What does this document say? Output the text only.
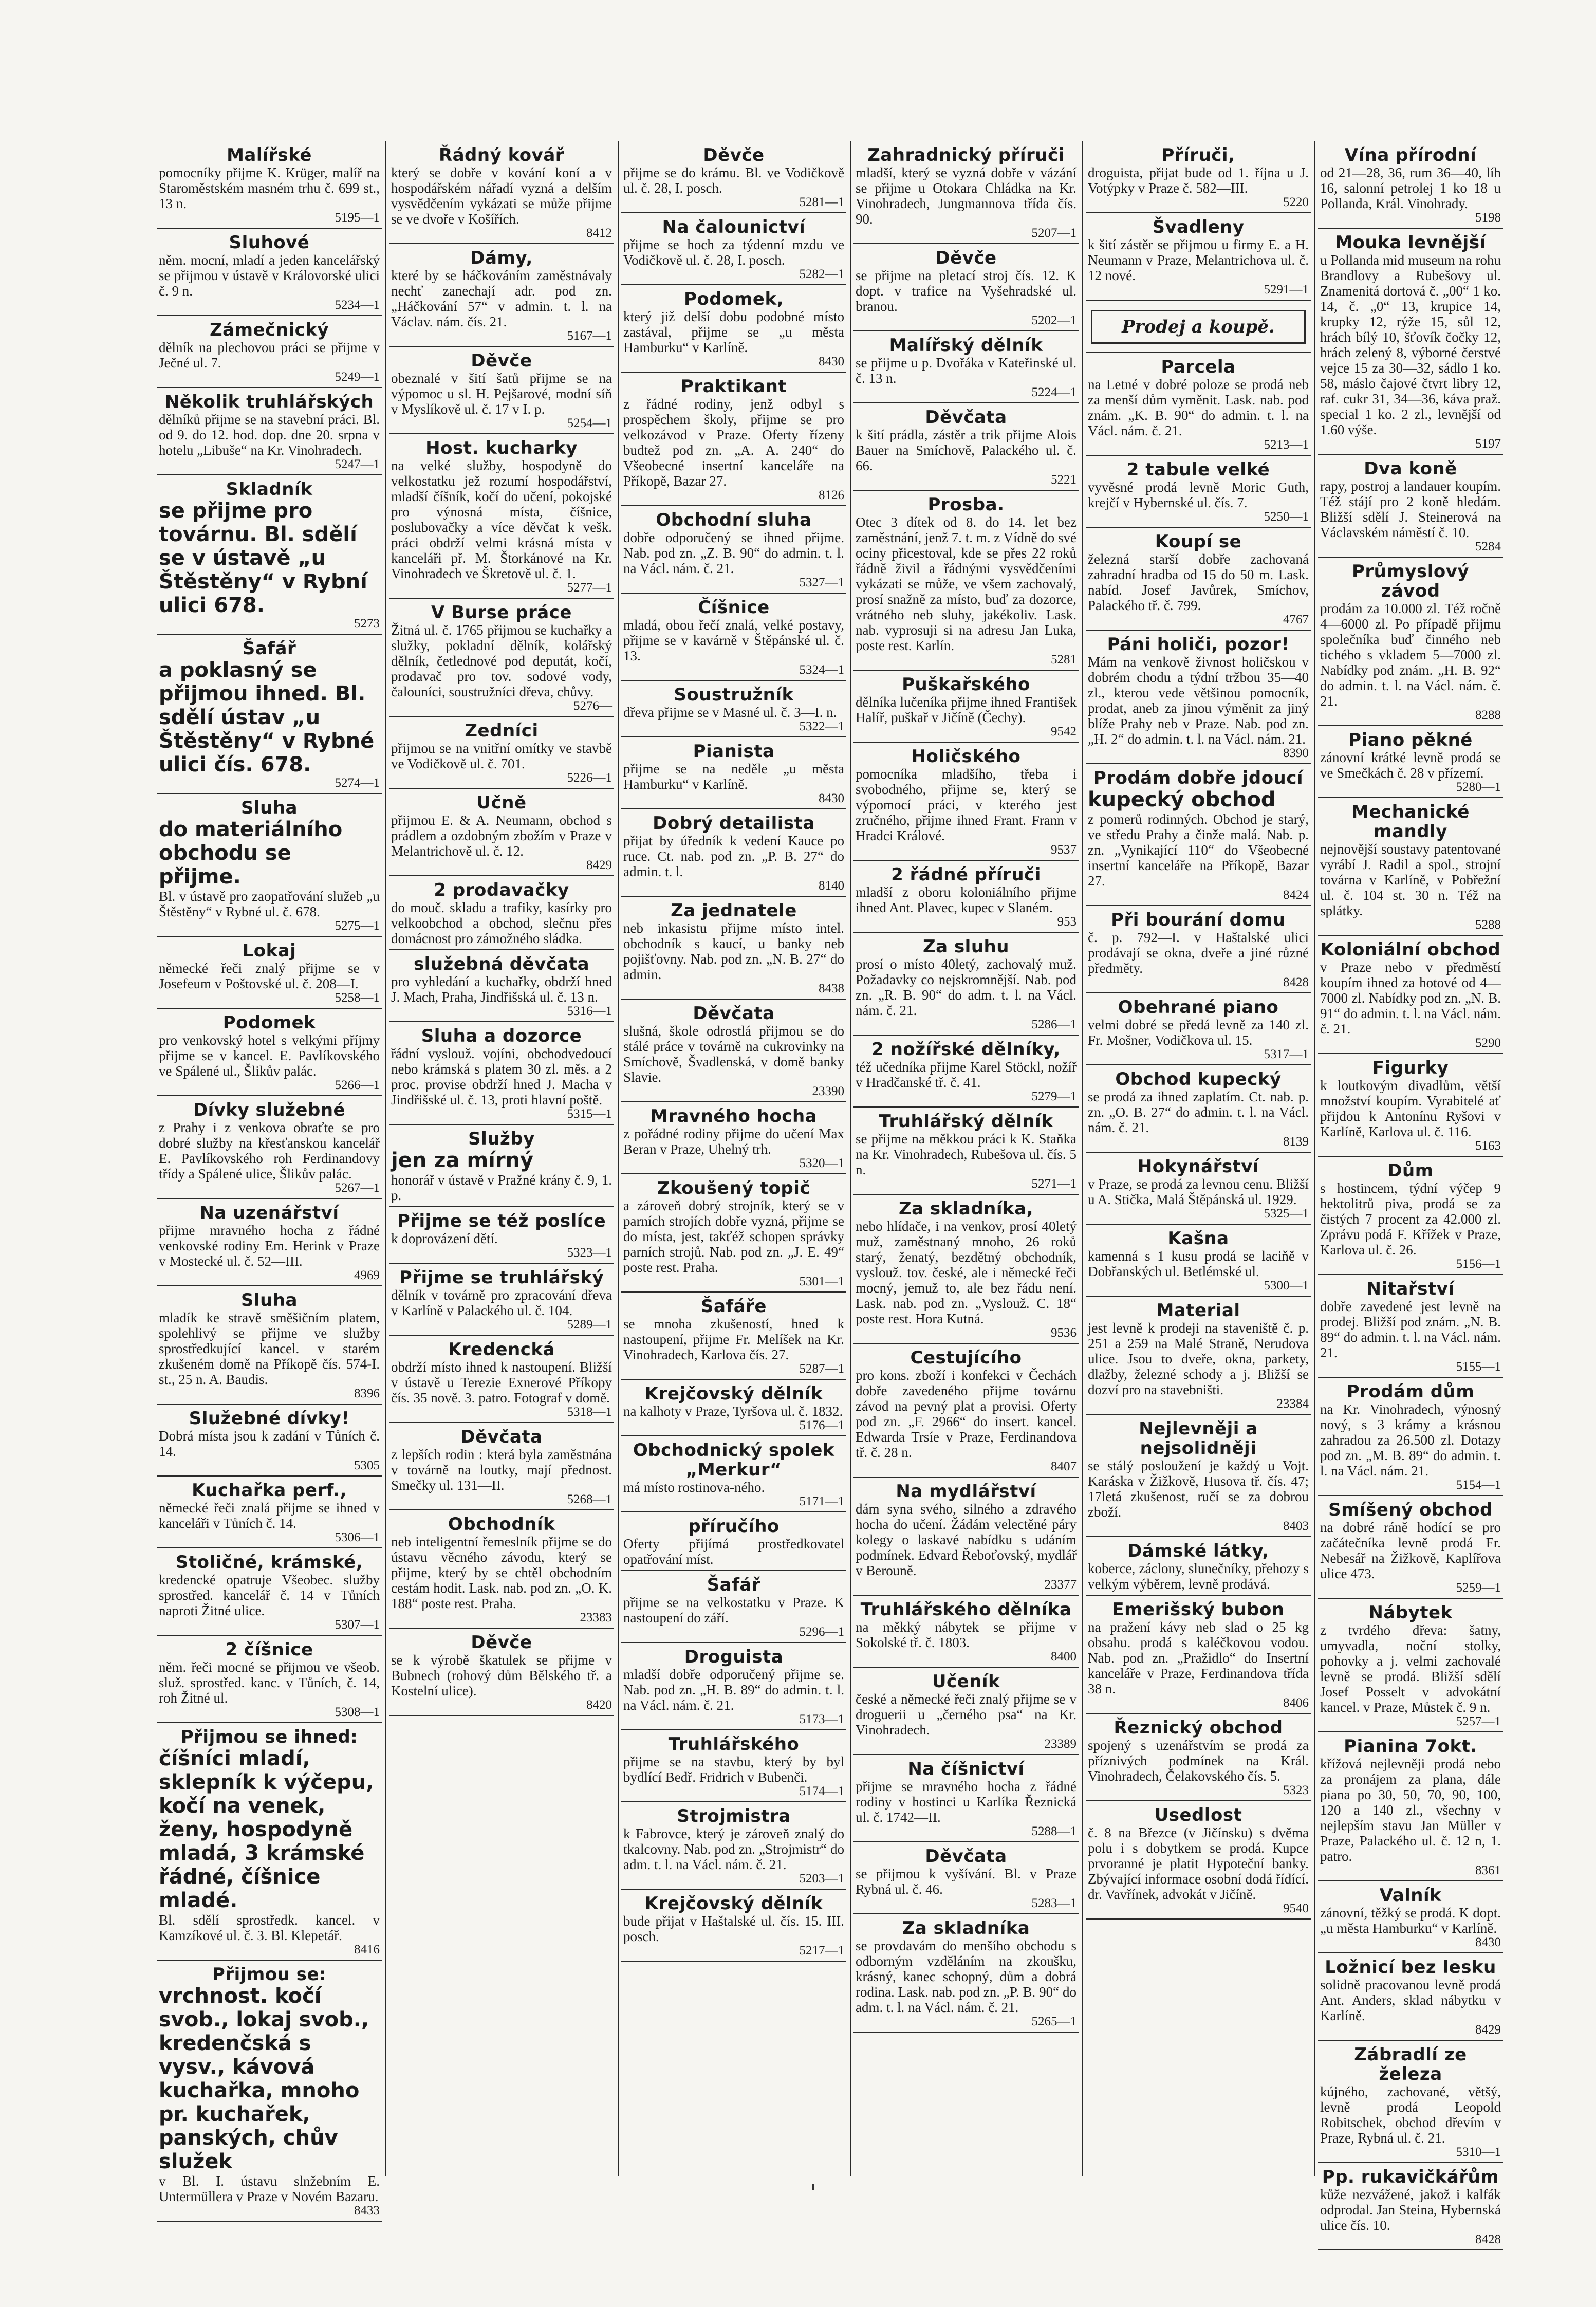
Malířské
pomocníky přijme K. Krüger, malíř na Staroměstském masném trhu č. 699 st., 13 n.
5195—1
Sluhové
něm. mocní, mladí a jeden kancelářský se přijmou v ústavě v Královorské ulici č. 9 n.
5234—1
Zámečnický
dělník na plechovou práci se přijme v Ječné ul. 7.
5249—1
Několik truhlářských
dělníků přijme se na stavební práci. Bl. od 9. do 12. hod. dop. dne 20. srpna v hotelu „Libuše“ na Kr. Vinohradech.
5247—1
Skladník
se přijme pro továrnu. Bl. sdělí se v ústavě „u Štěstěny“ v Rybní ulici 678.
5273
Šafář
a poklasný se přijmou ihned. Bl. sdělí ústav „u Štěstěny“ v Rybné ulici čís. 678.
5274—1
Sluha
do materiálního obchodu se přijme.
Bl. v ústavě pro zaopatřování služeb „u Štěstěny“ v Rybné ul. č. 678.
5275—1
Lokaj
německé řeči znalý přijme se v Josefeum v Poštovské ul. č. 208—I.
5258—1
Podomek
pro venkovský hotel s velkými příjmy přijme se v kancel. E. Pavlíkovského ve Spálené ul., Šlikův palác.
5266—1
Dívky služebné
z Prahy i z venkova obraťte se pro dobré služby na křesťanskou kancelář E. Pavlíkovského roh Ferdinandovy třídy a Spálené ulice, Šlikův palác.
5267—1
Na uzenářství
přijme mravného hocha z řádné venkovské rodiny Em. Herink v Praze v Mostecké ul. č. 52—III.
4969
Sluha
mladík ke stravě směšičním platem, spolehlivý se přijme ve služby sprostředkující kancel. v starém zkušeném domě na Příkopě čís. 574-I. st., 25 n. A. Baudis.
8396
Služebné dívky!
Dobrá místa jsou k zadání v Tůních č. 14.
5305
Kuchařka perf.,
německé řeči znalá přijme se ihned v kanceláři v Tůních č. 14.
5306—1
Stoličné, krámské,
kredencké opatruje Všeobec. služby sprostřed. kancelář č. 14 v Tůních naproti Žitné ulice.
5307—1
2 číšnice
něm. řeči mocné se přijmou ve všeob. služ. sprostřed. kanc. v Tůních, č. 14, roh Žitné ul.
5308—1
Přijmou se ihned:
číšníci mladí, sklepník k výčepu, kočí na venek, ženy, hospodyně mladá, 3 krámské řádné, číšnice mladé.
Bl. sdělí sprostředk. kancel. v Kamzíkové ul. č. 3. Bl. Klepetář.
8416
Přijmou se:
vrchnost. kočí svob., lokaj svob., kredenčská s vysv., kávová kuchařka, mnoho pr. kuchařek, panských, chův služek
v Bl. I. ústavu slnžebním E. Untermüllera v Praze v Novém Bazaru.
8433
Řádný kovář
který se dobře v kování koní a v hospodářském nářadí vyzná a delším vysvědčením vykázati se může přijme se ve dvoře v Košířích.
8412
Dámy,
které by se háčkováním zaměstnávaly nechť zanechají adr. pod zn. „Háčkování 57“ v admin. t. l. na Václav. nám. čís. 21.
5167—1
Děvče
obeznalé v šití šatů přijme se na výpomoc u sl. H. Pejšarové, modní síň v Myslíkově ul. č. 17 v I. p.
5254—1
Host. kucharky
na velké služby, hospodyně do velkostatku jež rozumí hospodářství, mladší číšník, kočí do učení, pokojské pro výnosná místa, číšnice, poslubovačky a více děvčat k vešk. práci obdrží velmi krásná místa v kanceláři př. M. Štorkánové na Kr. Vinohradech ve Škretově ul. č. 1.
5277—1
V Burse práce
Žitná ul. č. 1765 přijmou se kuchařky a služky, pokladní dělník, kolářský dělník, četlednové pod deputát, kočí, prodavač pro tov. sodové vody, čalouníci, soustružníci dřeva, chůvy.
5276—
Zedníci
přijmou se na vnitřní omítky ve stavbě ve Vodičkově ul. č. 701.
5226—1
Učně
přijmou E. & A. Neumann, obchod s prádlem a ozdobným zbožím v Praze v Melantrichově ul. č. 12.
8429
2 prodavačky
do mouč. skladu a trafiky, kasírky pro velkoobchod a obchod, slečnu přes domácnost pro zámožného sládka.
služebná děvčata
pro vyhledání a kuchařky, obdrží hned J. Mach, Praha, Jindřišská ul. č. 13 n.
5316—1
Sluha a dozorce
řádní vyslouž. vojíni, obchodvedoucí nebo krámská s platem 30 zl. měs. a 2 proc. provise obdrží hned J. Macha v Jindřišské ul. č. 13, proti hlavní poště.
5315—1
Služby
jen za mírný
honorář v ústavě v Pražné krány č. 9, 1. p.
Přijme se též poslíce
k doprovázení dětí.
5323—1
Přijme se truhlářský
dělník v továrně pro zpracování dřeva v Karlíně v Palackého ul. č. 104.
5289—1
Kredencká
obdrží místo ihned k nastoupení. Bližší v ústavě u Terezie Exnerové Příkopy čís. 35 nově. 3. patro. Fotograf v domě.
5318—1
Děvčata
z lepších rodin : která byla zaměstnána v továrně na loutky, mají přednost. Smečky ul. 131—II.
5268—1
Obchodník
neb inteligentní řemeslník přijme se do ústavu věcného závodu, který se přijme, který by se chtěl obchodním cestám hodit. Lask. nab. pod zn. „O. K. 188“ poste rest. Praha.
23383
Děvče
se k výrobě škatulek se přijme v Bubnech (rohový dům Bělského tř. a Kostelní ulice).
8420
Děvče
přijme se do krámu. Bl. ve Vodičkově ul. č. 28, I. posch.
5281—1
Na čalounictví
přijme se hoch za týdenní mzdu ve Vodičkově ul. č. 28, I. posch.
5282—1
Podomek,
který již delší dobu podobné místo zastával, přijme se „u města Hamburku“ v Karlíně.
8430
Praktikant
z řádné rodiny, jenž odbyl s prospěchem školy, přijme se pro velkozávod v Praze. Oferty řízeny budtež pod zn. „A. A. 240“ do Všeobecné insertní kanceláře na Příkopě, Bazar 27.
8126
Obchodní sluha
dobře odporučený se ihned přijme. Nab. pod zn. „Z. B. 90“ do admin. t. l. na Václ. nám. č. 21.
5327—1
Číšnice
mladá, obou řečí znalá, velké postavy, přijme se v kavárně v Štěpánské ul. č. 13.
5324—1
Soustružník
dřeva přijme se v Masné ul. č. 3—I. n.
5322—1
Pianista
přijme se na neděle „u města Hamburku“ v Karlíně.
8430
Dobrý detailista
přijat by úředník k vedení Kauce po ruce. Ct. nab. pod zn. „P. B. 27“ do admin. t. l.
8140
Za jednatele
neb inkasistu přijme místo intel. obchodník s kaucí, u banky neb pojišťovny. Nab. pod zn. „N. B. 27“ do admin.
8438
Děvčata
slušná, škole odrostlá přijmou se do stálé práce v továrně na cukrovinky na Smíchově, Švadlenská, v domě banky Slavie.
23390
Mravného hocha
z pořádné rodiny přijme do učení Max Beran v Praze, Uhelný trh.
5320—1
Zkoušený topič
a zároveň dobrý strojník, který se v parních strojích dobře vyzná, přijme se do místa, jest, takťéž schopen správky parních strojů. Nab. pod zn. „J. E. 49“ poste rest. Praha.
5301—1
Šafáře
se mnoha zkušeností, hned k nastoupení, přijme Fr. Melíšek na Kr. Vinohradech, Karlova čís. 27.
5287—1
Krejčovský dělník
na kalhoty v Praze, Tyršova ul. č. 1832.
5176—1
Obchodnický spolek „Merkur“
má místo rostinova-ného.
5171—1
příručího
Oferty přijímá prostředkovatel opatřování míst.
Šafář
přijme se na velkostatku v Praze. K nastoupení do září.
5296—1
Droguista
mladší dobře odporučený přijme se. Nab. pod zn. „H. B. 89“ do admin. t. l. na Václ. nám. č. 21.
5173—1
Truhlářského
přijme se na stavbu, který by byl bydlící Bedř. Fridrich v Bubenči.
5174—1
Strojmistra
k Fabrovce, který je zároveň znalý do tkalcovny. Nab. pod zn. „Strojmistr“ do adm. t. l. na Václ. nám. č. 21.
5203—1
Krejčovský dělník
bude přijat v Haštalské ul. čís. 15. III. posch.
5217—1
Zahradnický příruči
mladší, který se vyzná dobře v vázání se přijme u Otokara Chládka na Kr. Vinohradech, Jungmannova třída čís. 90.
5207—1
Děvče
se přijme na pletací stroj čís. 12. K dopt. v trafice na Vyšehradské ul. branou.
5202—1
Malířský dělník
se přijme u p. Dvořáka v Kateřinské ul. č. 13 n.
5224—1
Děvčata
k šití prádla, zástěr a trik přijme Alois Bauer na Smíchově, Palackého ul. č. 66.
5221
Prosba.
Otec 3 dítek od 8. do 14. let bez zaměstnání, jenž 7. t. m. z Vídně do své ociny přicestoval, kde se přes 22 roků řádně živil a řádnými vysvědčeními vykázati se může, ve všem zachovalý, prosí snažně za místo, buď za dozorce, vrátného neb sluhy, jakékoliv. Lask. nab. vyprosuji si na adresu Jan Luka, poste rest. Karlín.
5281
Puškařského
dělníka lučeníka přijme ihned František Halíř, puškař v Jičíně (Čechy).
9542
Holičského
pomocníka mladšího, třeba i svobodného, přijme se, který se výpomocí práci, v kterého jest zručného, přijme ihned Frant. Frann v Hradci Králové.
9537
2 řádné příruči
mladší z oboru koloniálního přijme ihned Ant. Plavec, kupec v Slaném.
953
Za sluhu
prosí o místo 40letý, zachovalý muž. Požadavky co nejskromnější. Nab. pod zn. „R. B. 90“ do adm. t. l. na Václ. nám. č. 21.
5286—1
2 nožířské dělníky,
též učedníka přijme Karel Stöckl, nožíř v Hradčanské tř. č. 41.
5279—1
Truhlářský dělník
se přijme na měkkou práci k K. Staňka na Kr. Vinohradech, Rubešova ul. čís. 5 n.
5271—1
Za skladníka,
nebo hlídače, i na venkov, prosí 40letý muž, zaměstnaný mnoho, 26 roků starý, ženatý, bezdětný obchodník, vyslouž. tov. české, ale i německé řeči mocný, jemuž to, ale bez řádu není. Lask. nab. pod zn. „Vyslouž. C. 18“ poste rest. Hora Kutná.
9536
Cestujícího
pro kons. zboží i konfekci v Čechách dobře zavedeného přijme továrnu závod na pevný plat a provisi. Oferty pod zn. „F. 2966“ do insert. kancel. Edwarda Trsíe v Praze, Ferdinandova tř. č. 28 n.
8407
Na mydlářství
dám syna svého, silného a zdravého hocha do učení. Žádám velectěné páry kolegy o laskavé nabídku s udáním podmínek. Edvard Řeboťovský, mydlář v Berouně.
23377
Truhlářského dělníka
na měkký nábytek se přijme v Sokolské tř. č. 1803.
8400
Učeník
české a německé řeči znalý přijme se v droguerii u „černého psa“ na Kr. Vinohradech.
23389
Na číšnictví
přijme se mravného hocha z řádné rodiny v hostinci u Karlíka Řeznická ul. č. 1742—II.
5288—1
Děvčata
se přijmou k vyšívání. Bl. v Praze Rybná ul. č. 46.
5283—1
Za skladníka
se provdavám do menšího obchodu s odborným vzděláním na zkoušku, krásný, kanec schopný, dům a dobrá rodina. Lask. nab. pod zn. „P. B. 90“ do adm. t. l. na Václ. nám. č. 21.
5265—1
Příruči,
droguista, přijat bude od 1. října u J. Votýpky v Praze č. 582—III.
5220
Švadleny
k šití zástěr se přijmou u firmy E. a H. Neumann v Praze, Melantrichova ul. č. 12 nové.
5291—1
Prodej a koupě.
Parcela
na Letné v dobré poloze se prodá neb za menší dům vyměnit. Lask. nab. pod znám. „K. B. 90“ do admin. t. l. na Václ. nám. č. 21.
5213—1
2 tabule velké
vyvěsné prodá levně Moric Guth, krejčí v Hybernské ul. čís. 7.
5250—1
Koupí se
železná starší dobře zachovaná zahradní hradba od 15 do 50 m. Lask. nabíd. Josef Javůrek, Smíchov, Palackého tř. č. 799.
4767
Páni holiči, pozor!
Mám na venkově živnost holičskou v dobrém chodu a týdní tržbou 35—40 zl., kterou vede většinou pomocník, prodat, aneb za jinou výměnit za jiný blíže Prahy neb v Praze. Nab. pod zn. „H. 2“ do admin. t. l. na Václ. nám. 21.
8390
Prodám dobře jdoucí
kupecký obchod
z pomerů rodinných. Obchod je starý, ve středu Prahy a činže malá. Nab. p. zn. „Vynikající 110“ do Všeobecné insertní kanceláře na Příkopě, Bazar 27.
8424
Při bourání domu
č. p. 792—I. v Haštalské ulici prodávají se okna, dveře a jiné různé předměty.
8428
Obehrané piano
velmi dobré se předá levně za 140 zl. Fr. Mošner, Vodičkova ul. 15.
5317—1
Obchod kupecký
se prodá za ihned zaplatím. Ct. nab. p. zn. „O. B. 27“ do admin. t. l. na Václ. nám. č. 21.
8139
Hokynářství
v Praze, se prodá za levnou cenu. Bližší u A. Stička, Malá Štěpánská ul. 1929.
5325—1
Kašna
kamenná s 1 kusu prodá se laciňě v Dobřanských ul. Betlémské ul.
5300—1
Material
jest levně k prodeji na staveniště č. p. 251 a 259 na Malé Straně, Nerudova ulice. Jsou to dveře, okna, parkety, dlažby, železné schody a j. Bližší se dozví pro na stavebništi.
23384
Nejlevněji a nejsolidněji
se stálý posloužení je každý u Vojt. Karáska v Žižkově, Husova tř. čís. 47; 17letá zkušenost, ručí se za dobrou zboží.
8403
Dámské látky,
koberce, záclony, slunečníky, přehozy s velkým výběrem, levně prodává.
Emerišský bubon
na pražení kávy neb slad o 25 kg obsahu. prodá s kaléčkovou vodou. Nab. pod zn. „Pražidlo“ do Insertní kanceláře v Praze, Ferdinandova třída 38 n.
8406
Řeznický obchod
spojený s uzenářstvím se prodá za příznivých podmínek na Král. Vinohradech, Čelakovského čís. 5.
5323
Usedlost
č. 8 na Březce (v Jičínsku) s dvěma polu i s dobytkem se prodá. Kupce prvoranné je platit Hypoteční banky. Zbývající informace osobní dodá řídící. dr. Vavřínek, advokát v Jičíně.
9540
Vína přírodní
od 21—28, 36, rum 36—40, líh 16, salonní petrolej 1 ko 18 u Pollanda, Král. Vinohrady.
5198
Mouka levnější
u Pollanda mid museum na rohu Brandlovy a Rubešovy ul. Znamenitá dortová č. „00“ 1 ko. 14, č. „0“ 13, krupice 14, krupky 12, rýže 15, sůl 12, hrách bílý 10, šťovík čočky 12, hrách zelený 8, výborné čerstvé vejce 15 za 30—32, sádlo 1 ko. 58, máslo čajové čtvrt libry 12, raf. cukr 31, 34—36, káva praž. special 1 ko. 2 zl., levnější od 1.60 výše.
5197
Dva koně
rapy, postroj a landauer koupím. Též stájí pro 2 koně hledám. Bližší sdělí J. Steinerová na Václavském náměstí č. 10.
5284
Průmyslový závod
prodám za 10.000 zl. Též ročně 4—6000 zl. Po případě přijmu společníka buď činného neb tichého s vkladem 5—7000 zl. Nabídky pod znám. „H. B. 92“ do admin. t. l. na Václ. nám. č. 21.
8288
Piano pěkné
zánovní krátké levně prodá se ve Smečkách č. 28 v přízemí.
5280—1
Mechanické mandly
nejnovější soustavy patentované vyrábí J. Radil a spol., strojní továrna v Karlíně, v Pobřežní ul. č. 104 st. 30 n. Též na splátky.
5288
Koloniální obchod
v Praze nebo v předměstí koupím ihned za hotové od 4—7000 zl. Nabídky pod zn. „N. B. 91“ do admin. t. l. na Václ. nám. č. 21.
5290
Figurky
k loutkovým divadlům, větší množství koupím. Vyrabitelé ať přijdou k Antonínu Ryšovi v Karlíně, Karlova ul. č. 116.
5163
Dům
s hostincem, týdní výčep 9 hektolitrů piva, prodá se za čistých 7 procent za 42.000 zl. Zprávu podá F. Křížek v Praze, Karlova ul. č. 26.
5156—1
Nitařství
dobře zavedené jest levně na prodej. Bližší pod znám. „N. B. 89“ do admin. t. l. na Václ. nám. 21.
5155—1
Prodám dům
na Kr. Vinohradech, výnosný nový, s 3 krámy a krásnou zahradou za 26.500 zl. Dotazy pod zn. „M. B. 89“ do admin. t. l. na Václ. nám. 21.
5154—1
Smíšený obchod
na dobré ráně hodící se pro začátečníka levně prodá Fr. Nebesář na Žižkově, Kaplířova ulice 473.
5259—1
Nábytek
z tvrdého dřeva: šatny, umyvadla, noční stolky, pohovky a j. velmi zachovalé levně se prodá. Bližší sdělí Josef Posselt v advokátní kancel. v Praze, Můstek č. 9 n.
5257—1
Pianina 7okt.
křížová nejlevněji prodá nebo za pronájem za plana, dále piana po 30, 50, 70, 90, 100, 120 a 140 zl., všechny v nejlepším stavu Jan Müller v Praze, Palackého ul. č. 12 n, 1. patro.
8361
Valník
zánovní, těžký se prodá. K dopt. „u města Hamburku“ v Karlíně.
8430
Ložnicí bez lesku
solidně pracovanou levně prodá Ant. Anders, sklad nábytku v Karlíně.
8429
Zábradlí ze železa
kújného, zachované, většý, levně prodá Leopold Robitschek, obchod dřevím v Praze, Rybná ul. č. 21.
5310—1
Pp. rukavičkářům
kůže nezvážené, jakož i kalfák odprodal. Jan Steina, Hybernská ulice čís. 10.
8428
